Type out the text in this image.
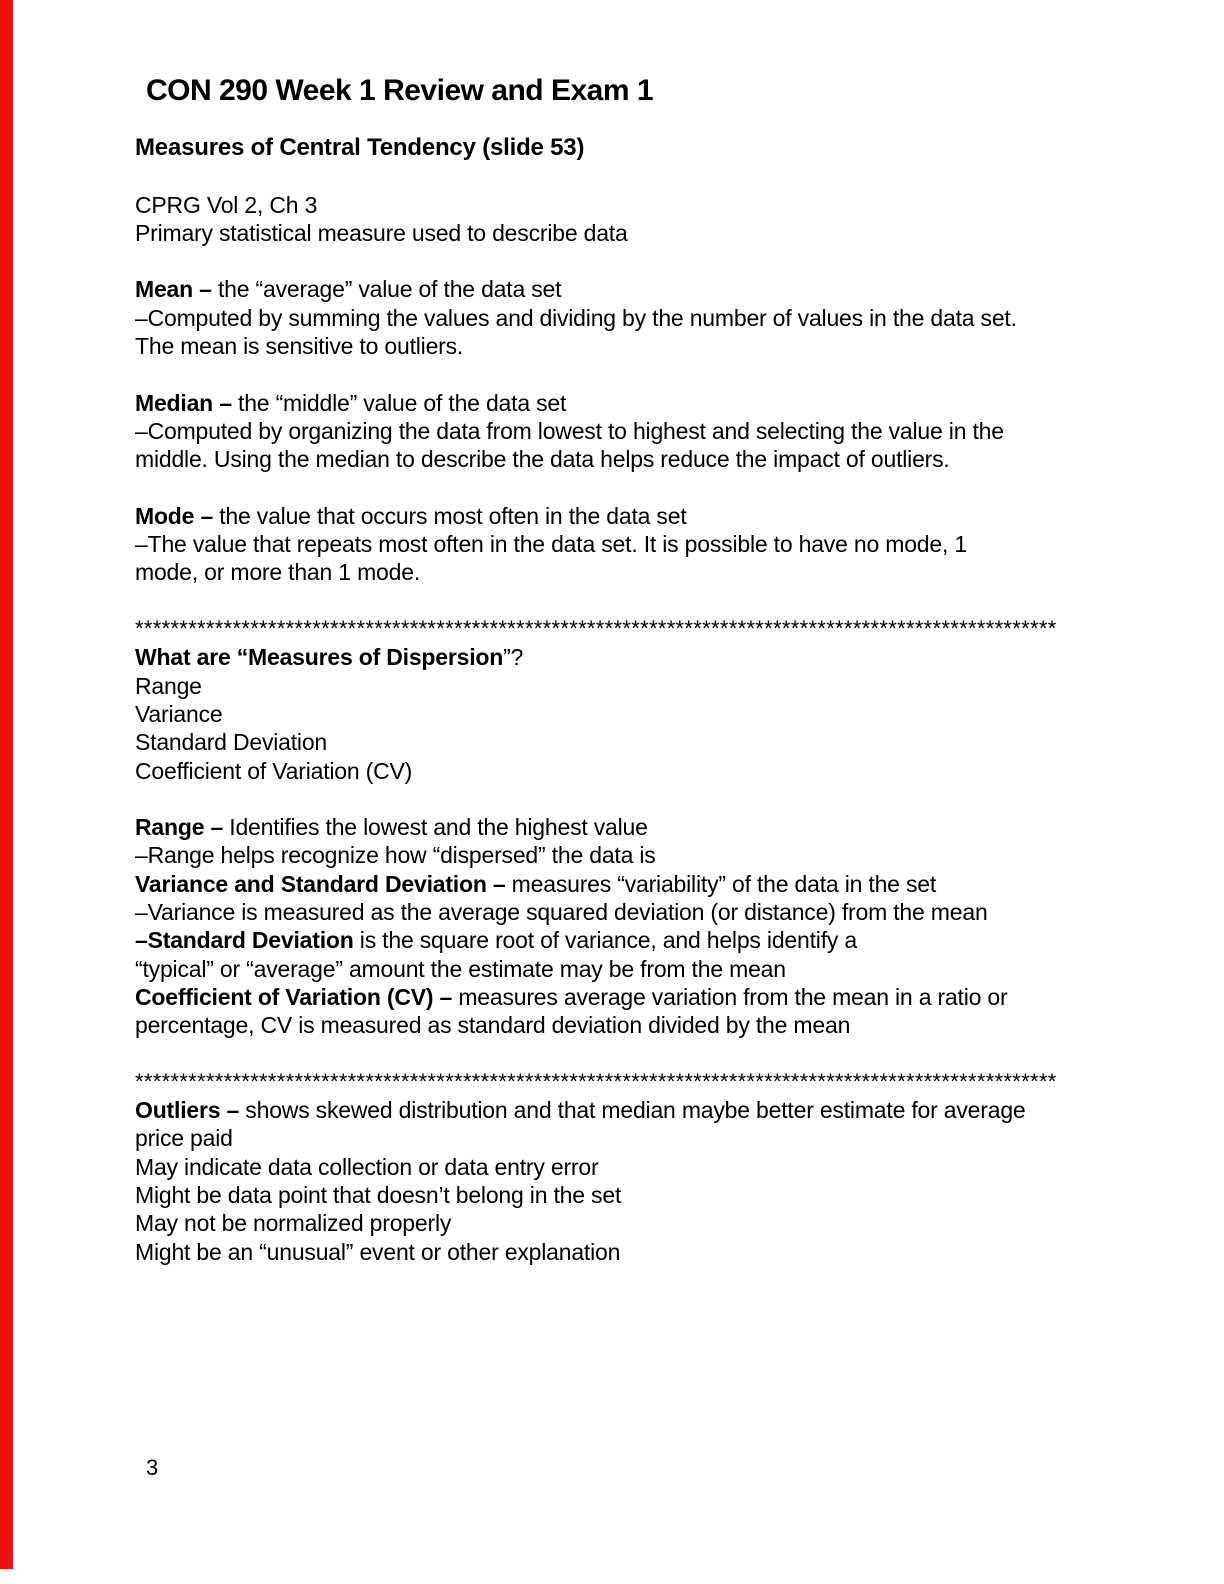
CON 290 Week 1 Review and Exam 1
Measures of Central Tendency (slide 53)

CPRG Vol 2, Ch 3
Primary statistical measure used to describe data

Mean – the “average” value of the data set
–Computed by summing the values and dividing by the number of values in the data set.
The mean is sensitive to outliers.

Median – the “middle” value of the data set
–Computed by organizing the data from lowest to highest and selecting the value in the
middle. Using the median to describe the data helps reduce the impact of outliers.

Mode – the value that occurs most often in the data set
–The value that repeats most often in the data set. It is possible to have no mode, 1
mode, or more than 1 mode.

********************************************************************************************************
What are “Measures of Dispersion”?
Range
Variance
Standard Deviation
Coefficient of Variation (CV)

Range – Identifies the lowest and the highest value
–Range helps recognize how “dispersed” the data is
Variance and Standard Deviation – measures “variability” of the data in the set
–Variance is measured as the average squared deviation (or distance) from the mean
–Standard Deviation is the square root of variance, and helps identify a
“typical” or “average” amount the estimate may be from the mean
Coefficient of Variation (CV) – measures average variation from the mean in a ratio or
percentage, CV is measured as standard deviation divided by the mean

********************************************************************************************************
Outliers – shows skewed distribution and that median maybe better estimate for average
price paid
May indicate data collection or data entry error
Might be data point that doesn’t belong in the set
May not be normalized properly
Might be an “unusual” event or other explanation
3
